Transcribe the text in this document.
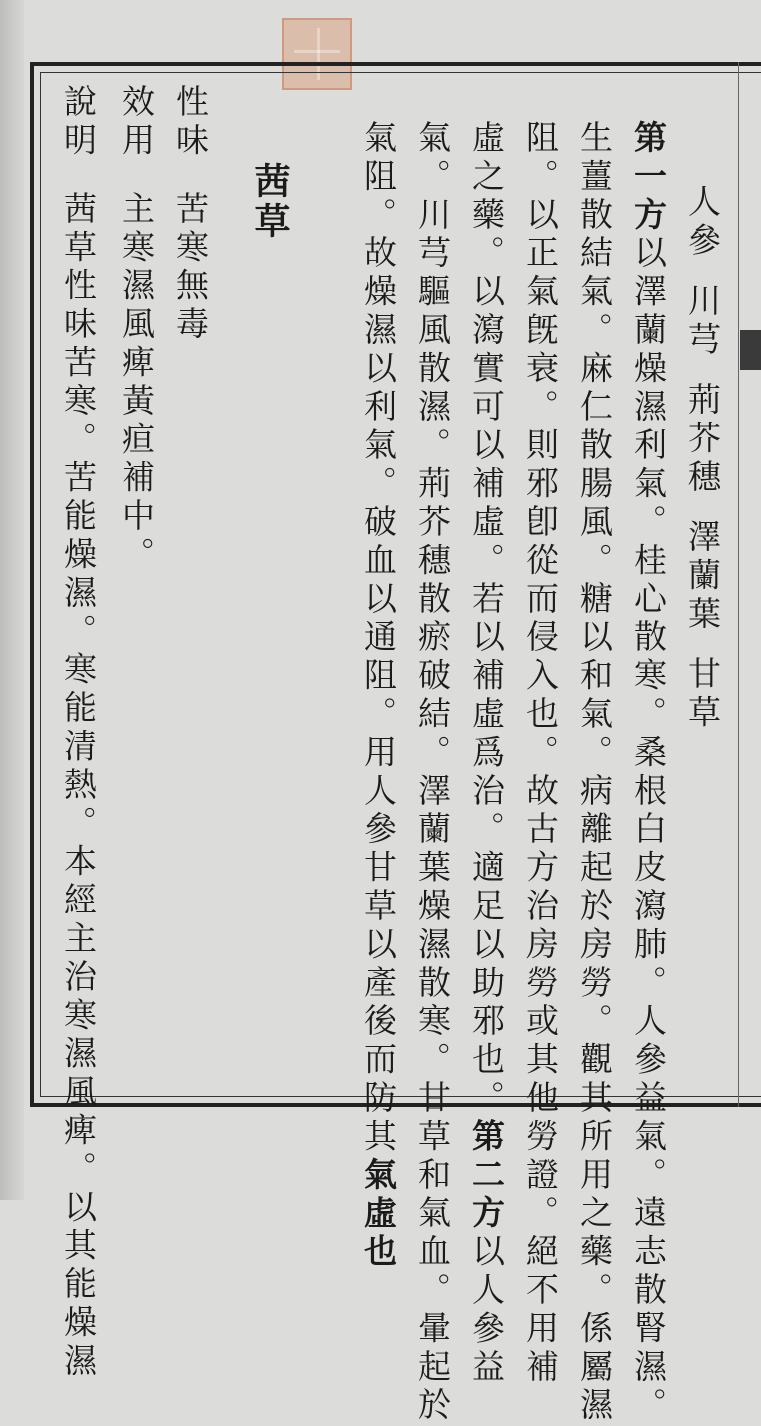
人參川芎荊芥穗澤蘭葉甘草
第一方以澤蘭燥濕利氣。桂心散寒。桑根白皮瀉肺。人參益氣。遠志散腎濕。
生薑散結氣。麻仁散腸風。糖以和氣。病離起於房勞。觀其所用之藥。係屬濕
阻。以正氣旣衰。則邪卽從而侵入也。故古方治房勞或其他勞證。絕不用補
虛之藥。以瀉實可以補虛。若以補虛爲治。適足以助邪也。第二方以人參益
氣。川芎驅風散濕。荊芥穗散瘀破結。澤蘭葉燥濕散寒。甘草和氣血。暈起於
氣阻。故燥濕以利氣。破血以通阻。用人參甘草以產後而防其氣虛也
茜草
性味苦寒無毒
效用主寒濕風痺黃疸補中。
說明茜草性味苦寒。苦能燥濕。寒能清熱。本經主治寒濕風痺。以其能燥濕
